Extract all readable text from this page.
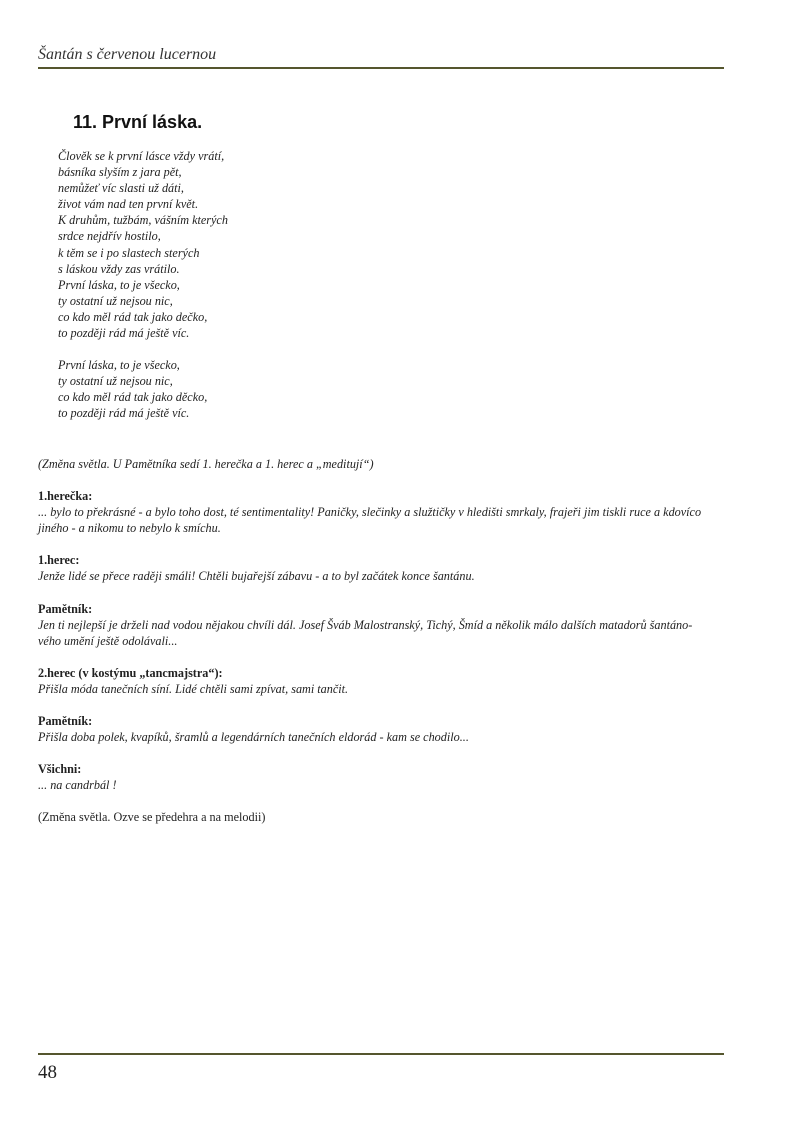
Šantán s červenou lucernou
11. První láska.
Člověk se k první lásce vždy vrátí,
básníka slyším z jara pět,
nemůžeť víc slasti už dáti,
život vám nad ten první květ.
K druhům, tužbám, vášním kterých
srdce nejdřív hostilo,
k těm se i po slastech sterých
s láskou vždy zas vrátilo.
První láska, to je všecko,
ty ostatní už nejsou nic,
co kdo měl rád tak jako dečko,
to později rád má ještě víc.
První láska, to je všecko,
ty ostatní už nejsou nic,
co kdo měl rád tak jako děcko,
to později rád má ještě víc.
(Změna světla. U Pamětníka sedí 1. herečka a 1. herec a „meditují“)
1.herečka:
... bylo to překrásné - a bylo toho dost, té sentimentality! Paničky, slečinky a služtičky v hledišti smrkaly, frajeři jim tiskli ruce a kdovíco
jiného - a nikomu to nebylo k smíchu.
1.herec:
Jenže lidé se přece raději smáli! Chtěli bujařejší zábavu - a to byl začátek konce šantánu.
Pamětník:
Jen ti nejlepší je drželi nad vodou nějakou chvíli dál. Josef Šváb Malostranský, Tichý, Šmíd a několik málo dalších matadorů šantáno-
vého umění ještě odolávali...
2.herec (v kostýmu „tancmajstra“):
Přišla móda tanečních síní. Lidé chtěli sami zpívat, sami tančit.
Pamětník:
Přišla doba polek, kvapíků, šramlů a legendárních tanečních eldorád - kam se chodilo...
Všichni:
... na candrbál !
(Změna světla. Ozve se předehra a na melodii)
48
